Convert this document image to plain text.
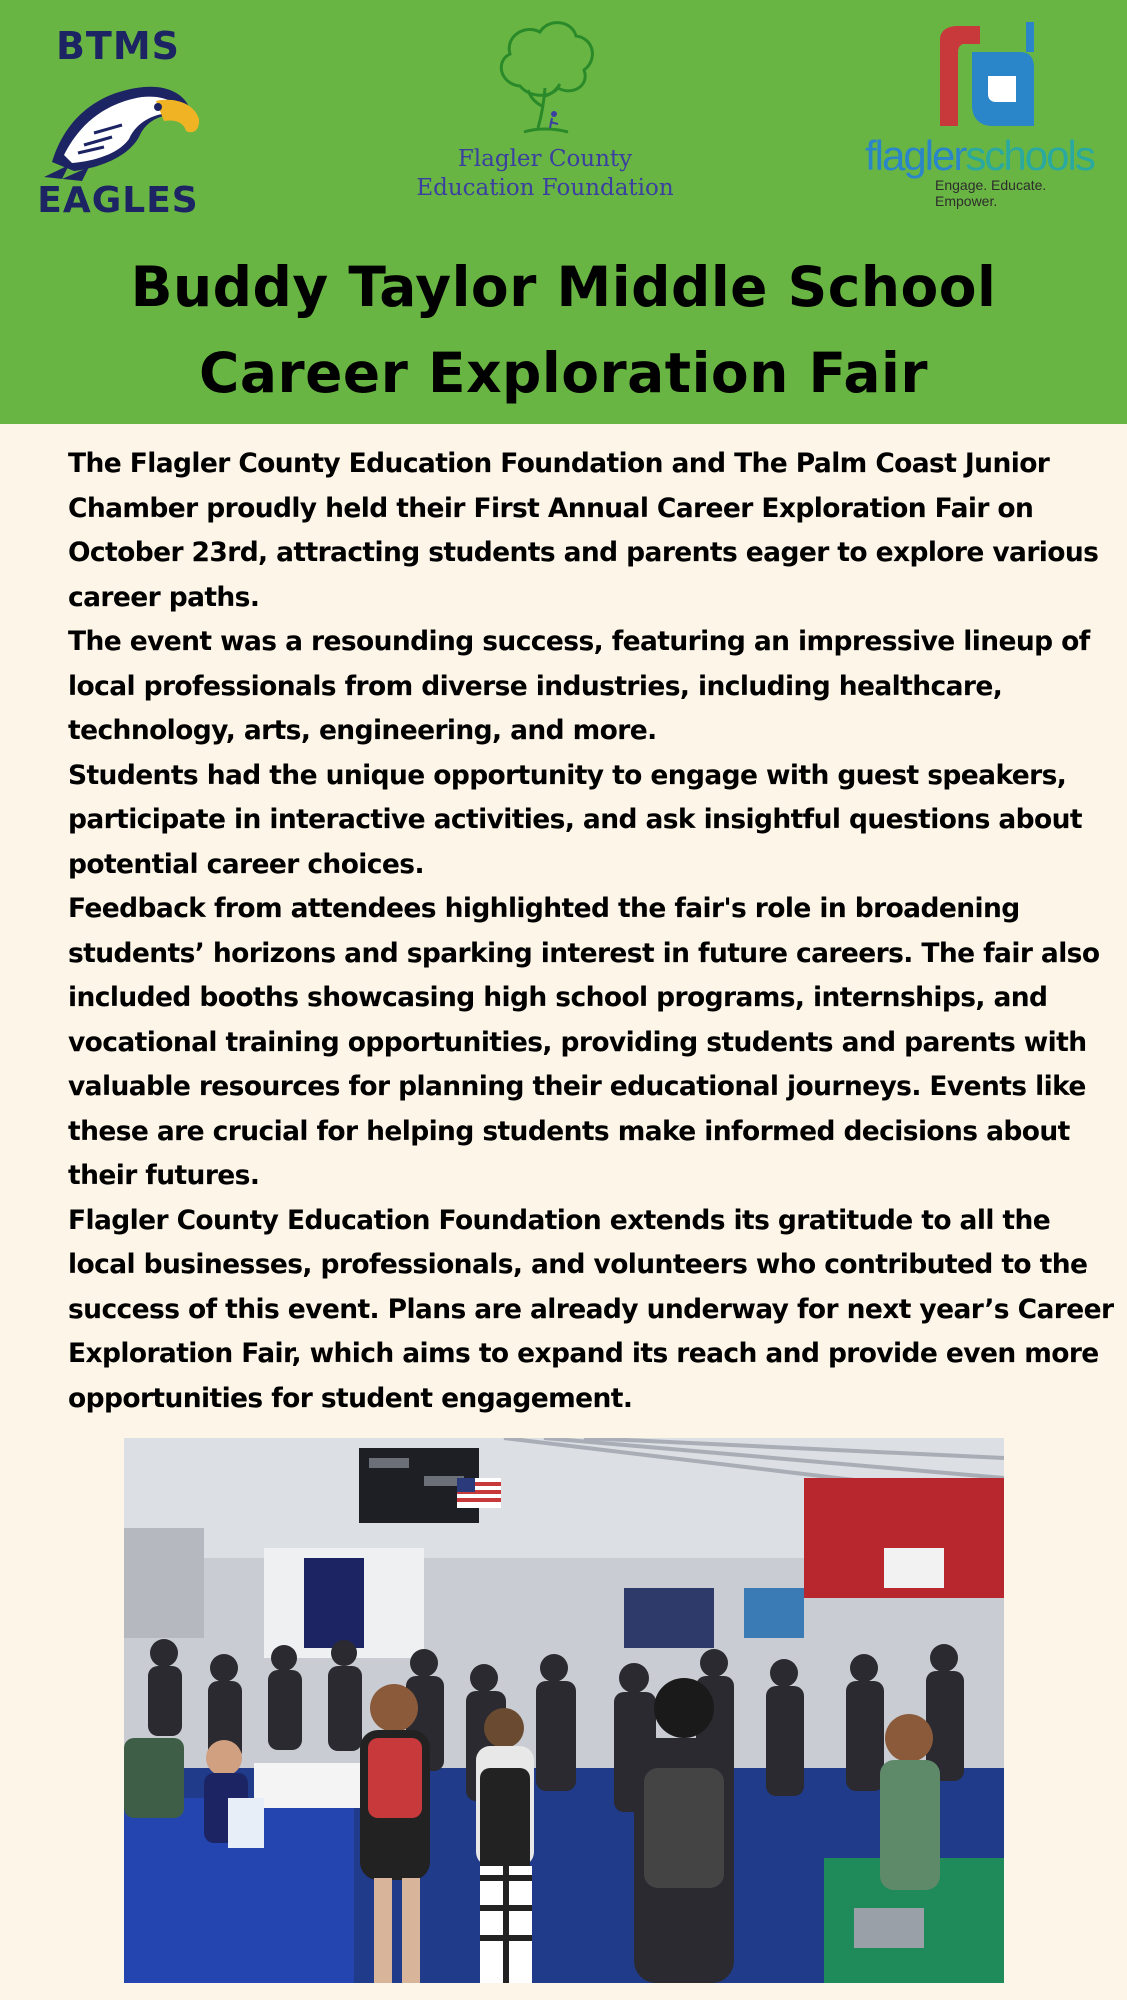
BTMS
EAGLES
Flagler County
Education Foundation
flaglerschools
Engage. Educate. Empower.
Buddy Taylor Middle School
Career Exploration Fair
The Flagler County Education Foundation and The Palm Coast Junior
Chamber proudly held their First Annual Career Exploration Fair on
October 23rd, attracting students and parents eager to explore various
career paths.
The event was a resounding success, featuring an impressive lineup of
local professionals from diverse industries, including healthcare,
technology, arts, engineering, and more.
Students had the unique opportunity to engage with guest speakers,
participate in interactive activities, and ask insightful questions about
potential career choices.
Feedback from attendees highlighted the fair's role in broadening
students’ horizons and sparking interest in future careers. The fair also
included booths showcasing high school programs, internships, and
vocational training opportunities, providing students and parents with
valuable resources for planning their educational journeys. Events like
these are crucial for helping students make informed decisions about
their futures.
Flagler County Education Foundation extends its gratitude to all the
local businesses, professionals, and volunteers who contributed to the
success of this event. Plans are already underway for next year’s Career
Exploration Fair, which aims to expand its reach and provide even more
opportunities for student engagement.
